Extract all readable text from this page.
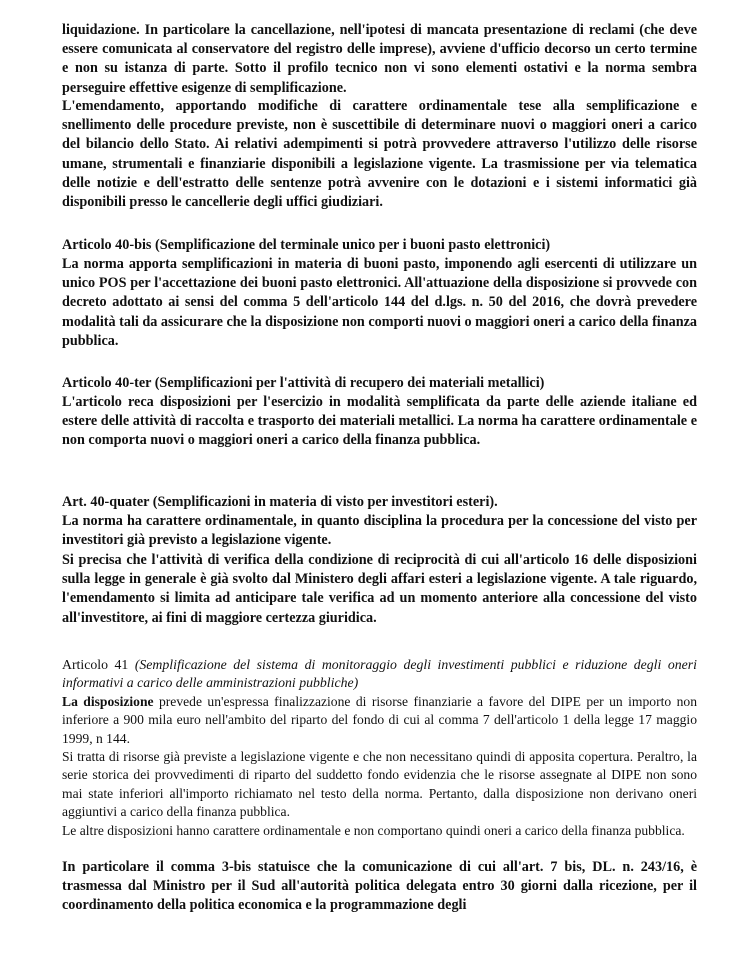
liquidazione. In particolare la cancellazione, nell'ipotesi di mancata presentazione di reclami (che deve essere comunicata al conservatore del registro delle imprese), avviene d'ufficio decorso un certo termine e non su istanza di parte. Sotto il profilo tecnico non vi sono elementi ostativi e la norma sembra perseguire effettive esigenze di semplificazione.

L'emendamento, apportando modifiche di carattere ordinamentale tese alla semplificazione e snellimento delle procedure previste, non è suscettibile di determinare nuovi o maggiori oneri a carico del bilancio dello Stato. Ai relativi adempimenti si potrà provvedere attraverso l'utilizzo delle risorse umane, strumentali e finanziarie disponibili a legislazione vigente. La trasmissione per via telematica delle notizie e dell'estratto delle sentenze potrà avvenire con le dotazioni e i sistemi informatici già disponibili presso le cancellerie degli uffici giudiziari.

Articolo 40-bis (Semplificazione del terminale unico per i buoni pasto elettronici)

La norma apporta semplificazioni in materia di buoni pasto, imponendo agli esercenti di utilizzare un unico POS per l'accettazione dei buoni pasto elettronici. All'attuazione della disposizione si provvede con decreto adottato ai sensi del comma 5 dell'articolo 144 del d.lgs. n. 50 del 2016, che dovrà prevedere modalità tali da assicurare che la disposizione non comporti nuovi o maggiori oneri a carico della finanza pubblica.

Articolo 40-ter (Semplificazioni per l'attività di recupero dei materiali metallici)

L'articolo reca disposizioni per l'esercizio in modalità semplificata da parte delle aziende italiane ed estere delle attività di raccolta e trasporto dei materiali metallici. La norma ha carattere ordinamentale e non comporta nuovi o maggiori oneri a carico della finanza pubblica.

Art. 40-quater (Semplificazioni in materia di visto per investitori esteri).

La norma ha carattere ordinamentale, in quanto disciplina la procedura per la concessione del visto per investitori già previsto a legislazione vigente.

Si precisa che l'attività di verifica della condizione di reciprocità di cui all'articolo 16 delle disposizioni sulla legge in generale è già svolto dal Ministero degli affari esteri a legislazione vigente. A tale riguardo, l'emendamento si limita ad anticipare tale verifica ad un momento anteriore alla concessione del visto all'investitore, ai fini di maggiore certezza giuridica.

Articolo 41 (Semplificazione del sistema di monitoraggio degli investimenti pubblici e riduzione degli oneri informativi a carico delle amministrazioni pubbliche)

La disposizione prevede un'espressa finalizzazione di risorse finanziarie a favore del DIPE per un importo non inferiore a 900 mila euro nell'ambito del riparto del fondo di cui al comma 7 dell'articolo 1 della legge 17 maggio 1999, n 144.

Si tratta di risorse già previste a legislazione vigente e che non necessitano quindi di apposita copertura. Peraltro, la serie storica dei provvedimenti di riparto del suddetto fondo evidenzia che le risorse assegnate al DIPE non sono mai state inferiori all'importo richiamato nel testo della norma. Pertanto, dalla disposizione non derivano oneri aggiuntivi a carico della finanza pubblica.

Le altre disposizioni hanno carattere ordinamentale e non comportano quindi oneri a carico della finanza pubblica.

In particolare il comma 3-bis statuisce che la comunicazione di cui all'art. 7 bis, DL. n. 243/16, è trasmessa dal Ministro per il Sud all'autorità politica delegata entro 30 giorni dalla ricezione, per il coordinamento della politica economica e la programmazione degli
